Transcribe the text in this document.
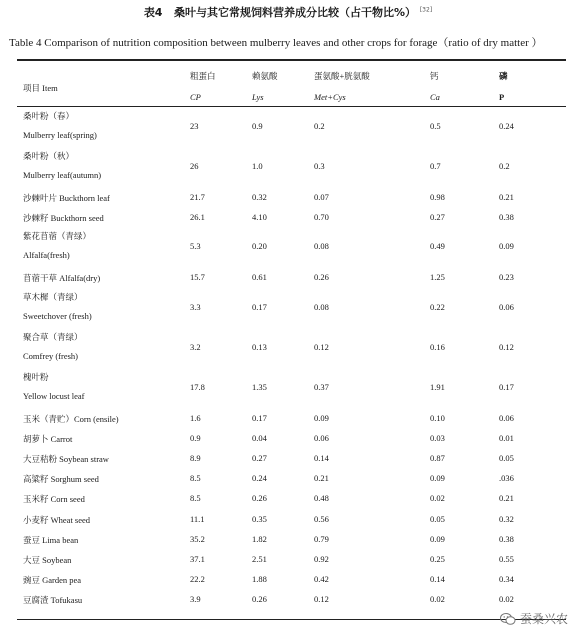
表4 桑叶与其它常规饲料营养成分比较（占干物比%） [32]
Table 4 Comparison of nutrition composition between mulberry leaves and other crops for forage（ratio of dry matter ）
项目 Item
粗蛋白	赖氨酸	蛋氨酸+胱氨酸	钙	磷
CP	Lys	Met+Cys	Ca	P
桑叶粉（春）
Mulberry leaf(spring)
23	0.9	0.2	0.5	0.24
桑叶粉（秋）
Mulberry leaf(autumn)
26	1.0	0.3	0.7	0.2
沙棘叶片 Buckthorn leaf	21.7	0.32	0.07	0.98	0.21
沙棘籽 Buckthorn seed	26.1	4.10	0.70	0.27	0.38
紫花苜蓿（青绿）
Alfalfa(fresh)
5.3	0.20	0.08	0.49	0.09
苜蓿干草 Alfalfa(dry)	15.7	0.61	0.26	1.25	0.23
草木樨（青绿）
Sweetchover (fresh)
3.3	0.17	0.08	0.22	0.06
聚合草（青绿）
Comfrey (fresh)
3.2	0.13	0.12	0.16	0.12
槐叶粉
Yellow locust leaf
17.8	1.35	0.37	1.91	0.17
玉米（青贮）Corn (ensile)	1.6	0.17	0.09	0.10	0.06
胡萝卜 Carrot	0.9	0.04	0.06	0.03	0.01
大豆秸粉 Soybean straw	8.9	0.27	0.14	0.87	0.05
高粱籽 Sorghum seed	8.5	0.24	0.21	0.09	.036
玉米籽 Corn seed	8.5	0.26	0.48	0.02	0.21
小麦籽 Wheat seed	11.1	0.35	0.56	0.05	0.32
蚕豆 Lima bean	35.2	1.82	0.79	0.09	0.38
大豆 Soybean	37.1	2.51	0.92	0.25	0.55
豌豆 Garden pea	22.2	1.88	0.42	0.14	0.34
豆腐渣 Tofukasu	3.9	0.26	0.12	0.02	0.02
蚕桑兴农
